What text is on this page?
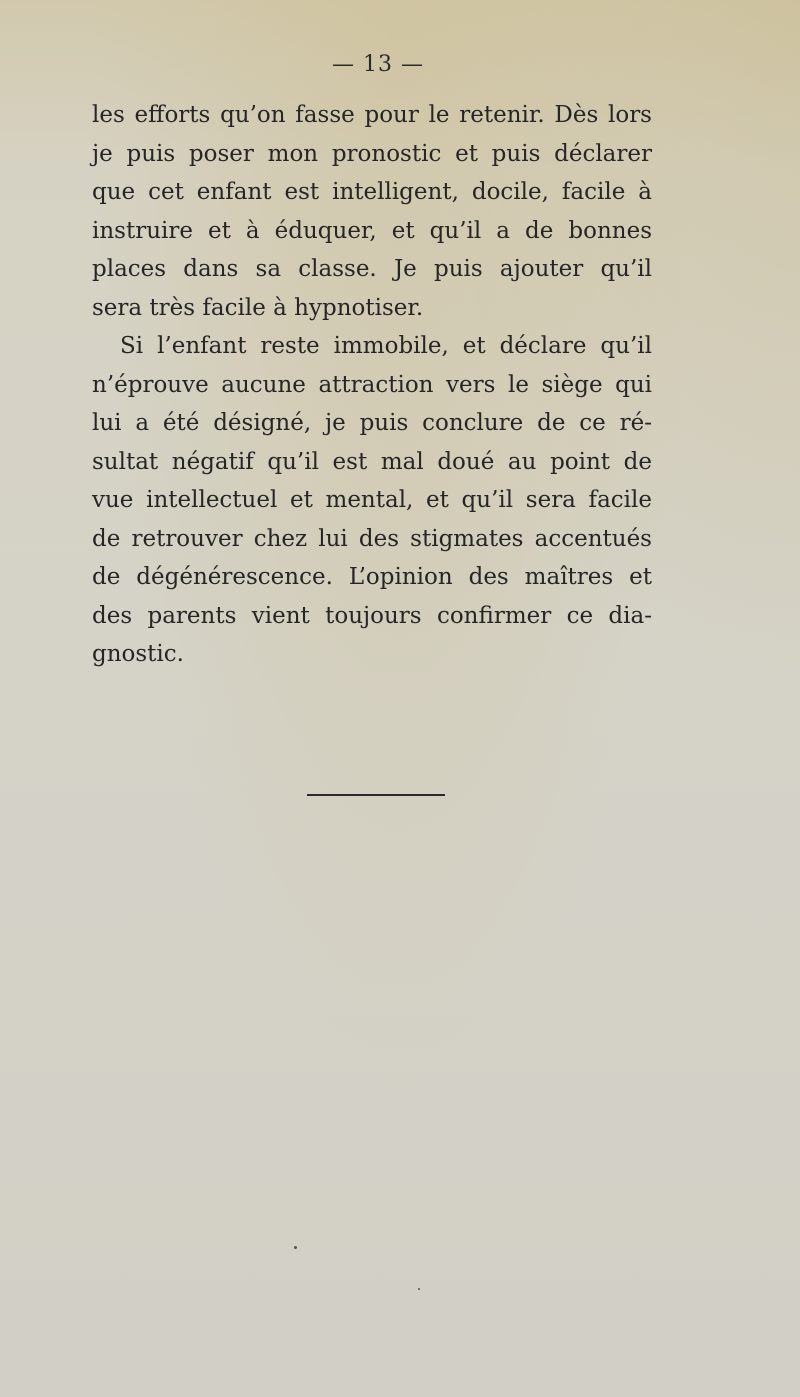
— 13 —
les efforts qu’on fasse pour le retenir. Dès lors
je puis poser mon pronostic et puis déclarer
que cet enfant est intelligent, docile, facile à
instruire et à éduquer, et qu’il a de bonnes
places dans sa classe. Je puis ajouter qu’il
sera très facile à hypnotiser.
Si l’enfant reste immobile, et déclare qu’il
n’éprouve aucune attraction vers le siège qui
lui a été désigné, je puis conclure de ce ré-
sultat négatif qu’il est mal doué au point de
vue intellectuel et mental, et qu’il sera facile
de retrouver chez lui des stigmates accentués
de dégénérescence. L’opinion des maîtres et
des parents vient toujours confirmer ce dia-
gnostic.
